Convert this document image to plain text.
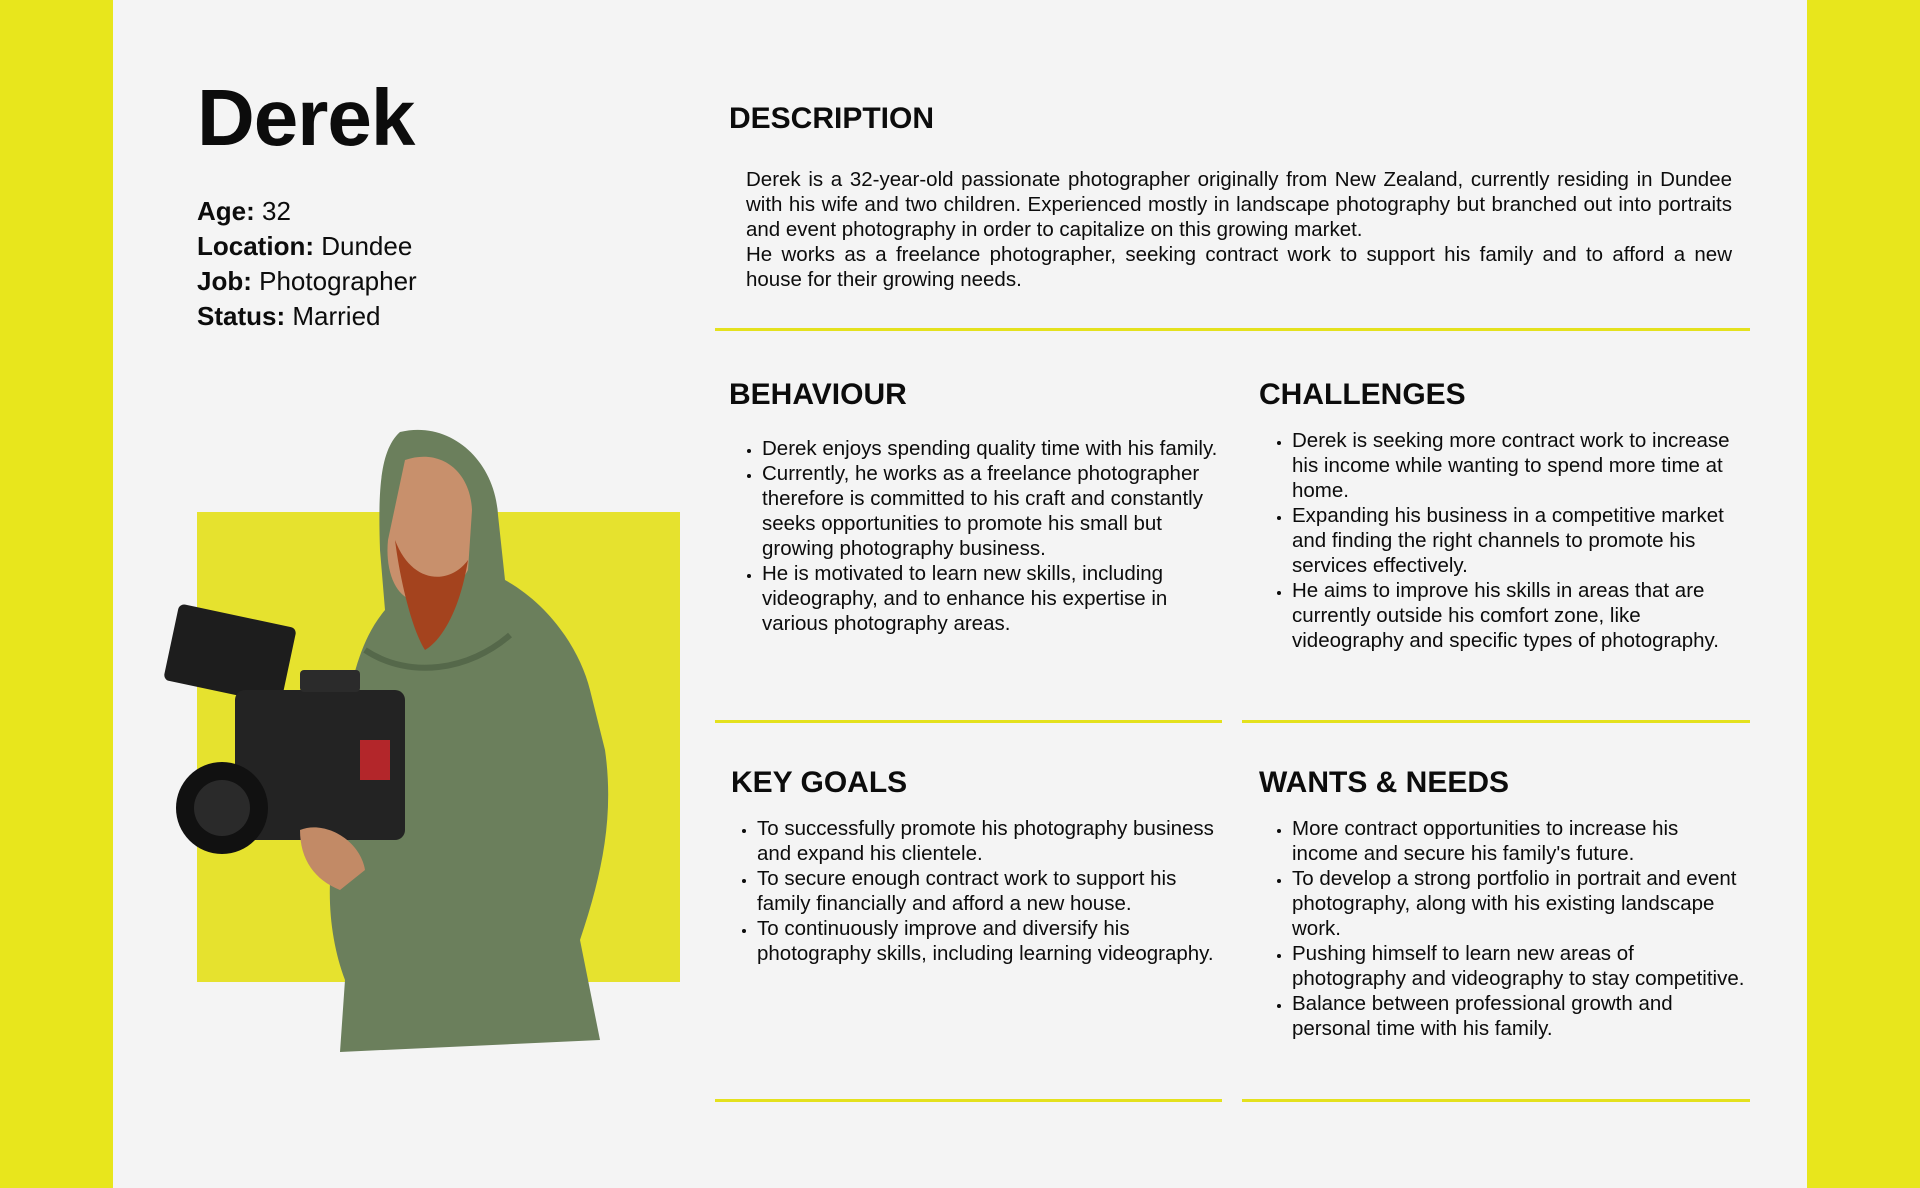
Derek
Age: 32
Location: Dundee
Job: Photographer
Status: Married
DESCRIPTION

Derek is a 32-year-old passionate photographer originally from New Zealand, currently residing in Dundee with his wife and two children. Experienced mostly in landscape photography but branched out into portraits and event photography in order to capitalize on this growing market.

He works as a freelance photographer, seeking contract work to support his family and to afford a new house for their growing needs.

BEHAVIOUR
• Derek enjoys spending quality time with his family.
• Currently, he works as a freelance photographer therefore is committed to his craft and constantly seeks opportunities to promote his small but growing photography business.
• He is motivated to learn new skills, including videography, and to enhance his expertise in various photography areas.
CHALLENGES
• Derek is seeking more contract work to increase his income while wanting to spend more time at home.
• Expanding his business in a competitive market and finding the right channels to promote his services effectively.
• He aims to improve his skills in areas that are currently outside his comfort zone, like videography and specific types of photography.
KEY GOALS
• To successfully promote his photography business and expand his clientele.
• To secure enough contract work to support his family financially and afford a new house.
• To continuously improve and diversify his photography skills, including learning videography.
WANTS & NEEDS
• More contract opportunities to increase his income and secure his family's future.
• To develop a strong portfolio in portrait and event photography, along with his existing landscape work.
• Pushing himself to learn new areas of photography and videography to stay competitive.
• Balance between professional growth and personal time with his family.
